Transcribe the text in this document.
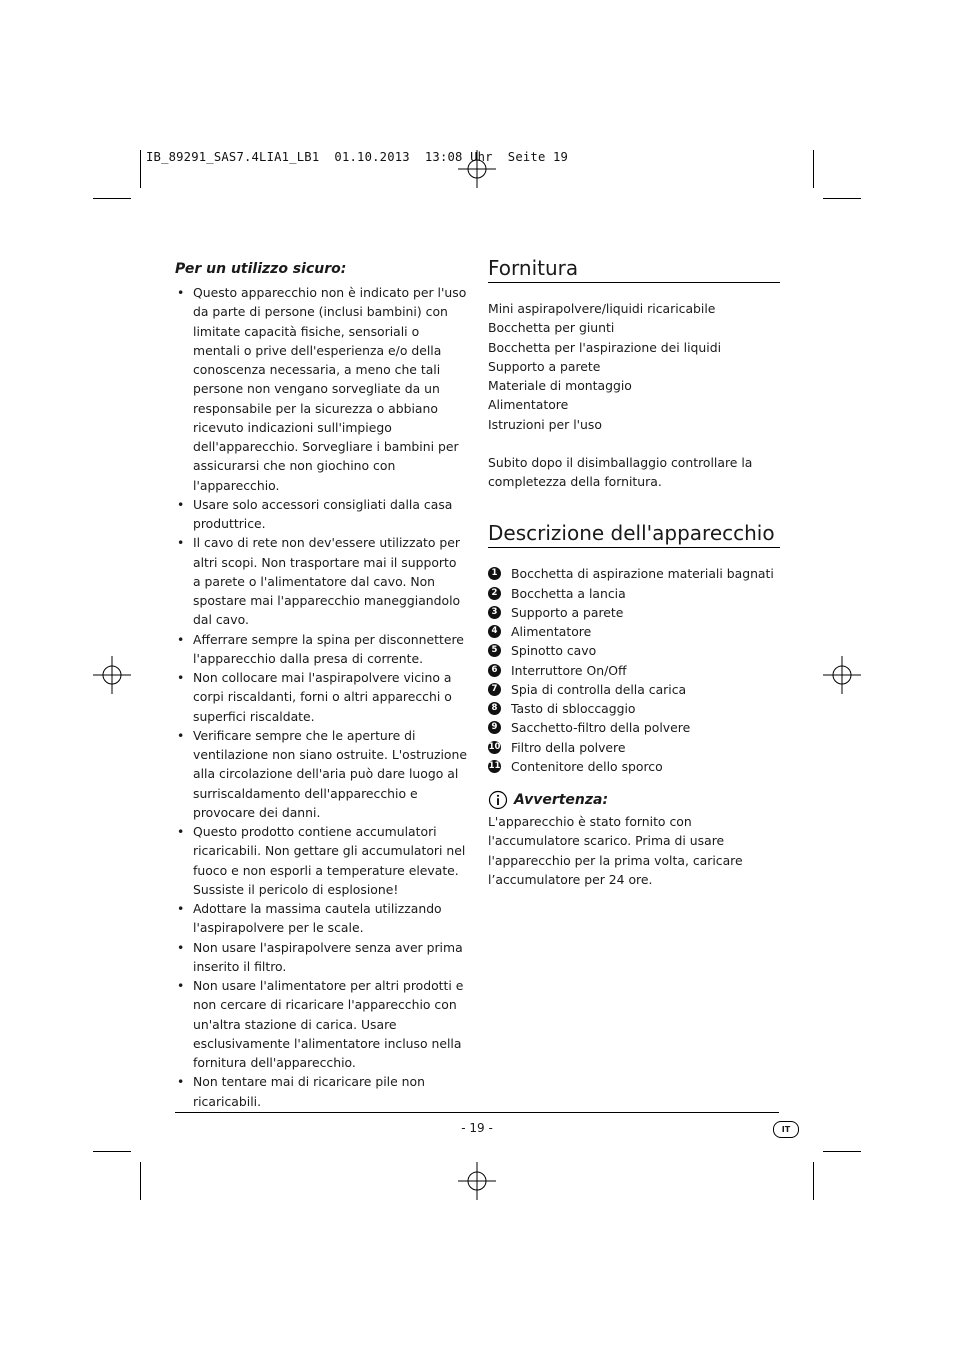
IB_89291_SAS7.4LIA1_LB1  01.10.2013  13:08 Uhr  Seite 19
Per un utilizzo sicuro:
• Questo apparecchio non è indicato per l'uso da parte di persone (inclusi bambini) con limitate capacità fisiche, sensoriali o mentali o prive dell'esperienza e/o della conoscenza necessaria, a meno che tali persone non vengano sorvegliate da un responsabile per la sicurezza o abbiano ricevuto indicazioni sull'impiego dell'apparecchio. Sorvegliare i bambini per assicurarsi che non giochino con l'apparecchio.
• Usare solo accessori consigliati dalla casa produttrice.
• Il cavo di rete non dev'essere utilizzato per altri scopi. Non trasportare mai il supporto a parete o l'alimentatore dal cavo. Non spostare mai l'apparecchio maneggiandolo dal cavo.
• Afferrare sempre la spina per disconnettere l'apparecchio dalla presa di corrente.
• Non collocare mai l'aspirapolvere vicino a corpi riscaldanti, forni o altri apparecchi o superfici riscaldate.
• Verificare sempre che le aperture di ventilazione non siano ostruite. L'ostruzione alla circolazione dell'aria può dare luogo al surriscaldamento dell'apparecchio e provocare dei danni.
• Questo prodotto contiene accumulatori ricaricabili. Non gettare gli accumulatori nel fuoco e non esporli a temperature elevate. Sussiste il pericolo di esplosione!
• Adottare la massima cautela utilizzando l'aspirapolvere per le scale.
• Non usare l'aspirapolvere senza aver prima inserito il filtro.
• Non usare l'alimentatore per altri prodotti e non cercare di ricaricare l'apparecchio con un'altra stazione di carica. Usare esclusivamente l'alimentatore incluso nella fornitura dell'apparecchio.
• Non tentare mai di ricaricare pile non ricaricabili.
Fornitura
Mini aspirapolvere/liquidi ricaricabile
Bocchetta per giunti
Bocchetta per l'aspirazione dei liquidi
Supporto a parete
Materiale di montaggio
Alimentatore
Istruzioni per l'uso

Subito dopo il disimballaggio controllare la completezza della fornitura.

Descrizione dell'apparecchio
1 Bocchetta di aspirazione materiali bagnati
2 Bocchetta a lancia
3 Supporto a parete
4 Alimentatore
5 Spinotto cavo
6 Interruttore On/Off
7 Spia di controlla della carica
8 Tasto di sbloccaggio
9 Sacchetto-filtro della polvere
10 Filtro della polvere
11 Contenitore dello sporco
Avvertenza:

L'apparecchio è stato fornito con l'accumulatore scarico. Prima di usare l'apparecchio per la prima volta, caricare l’accumulatore per 24 ore.

- 19 -	IT
